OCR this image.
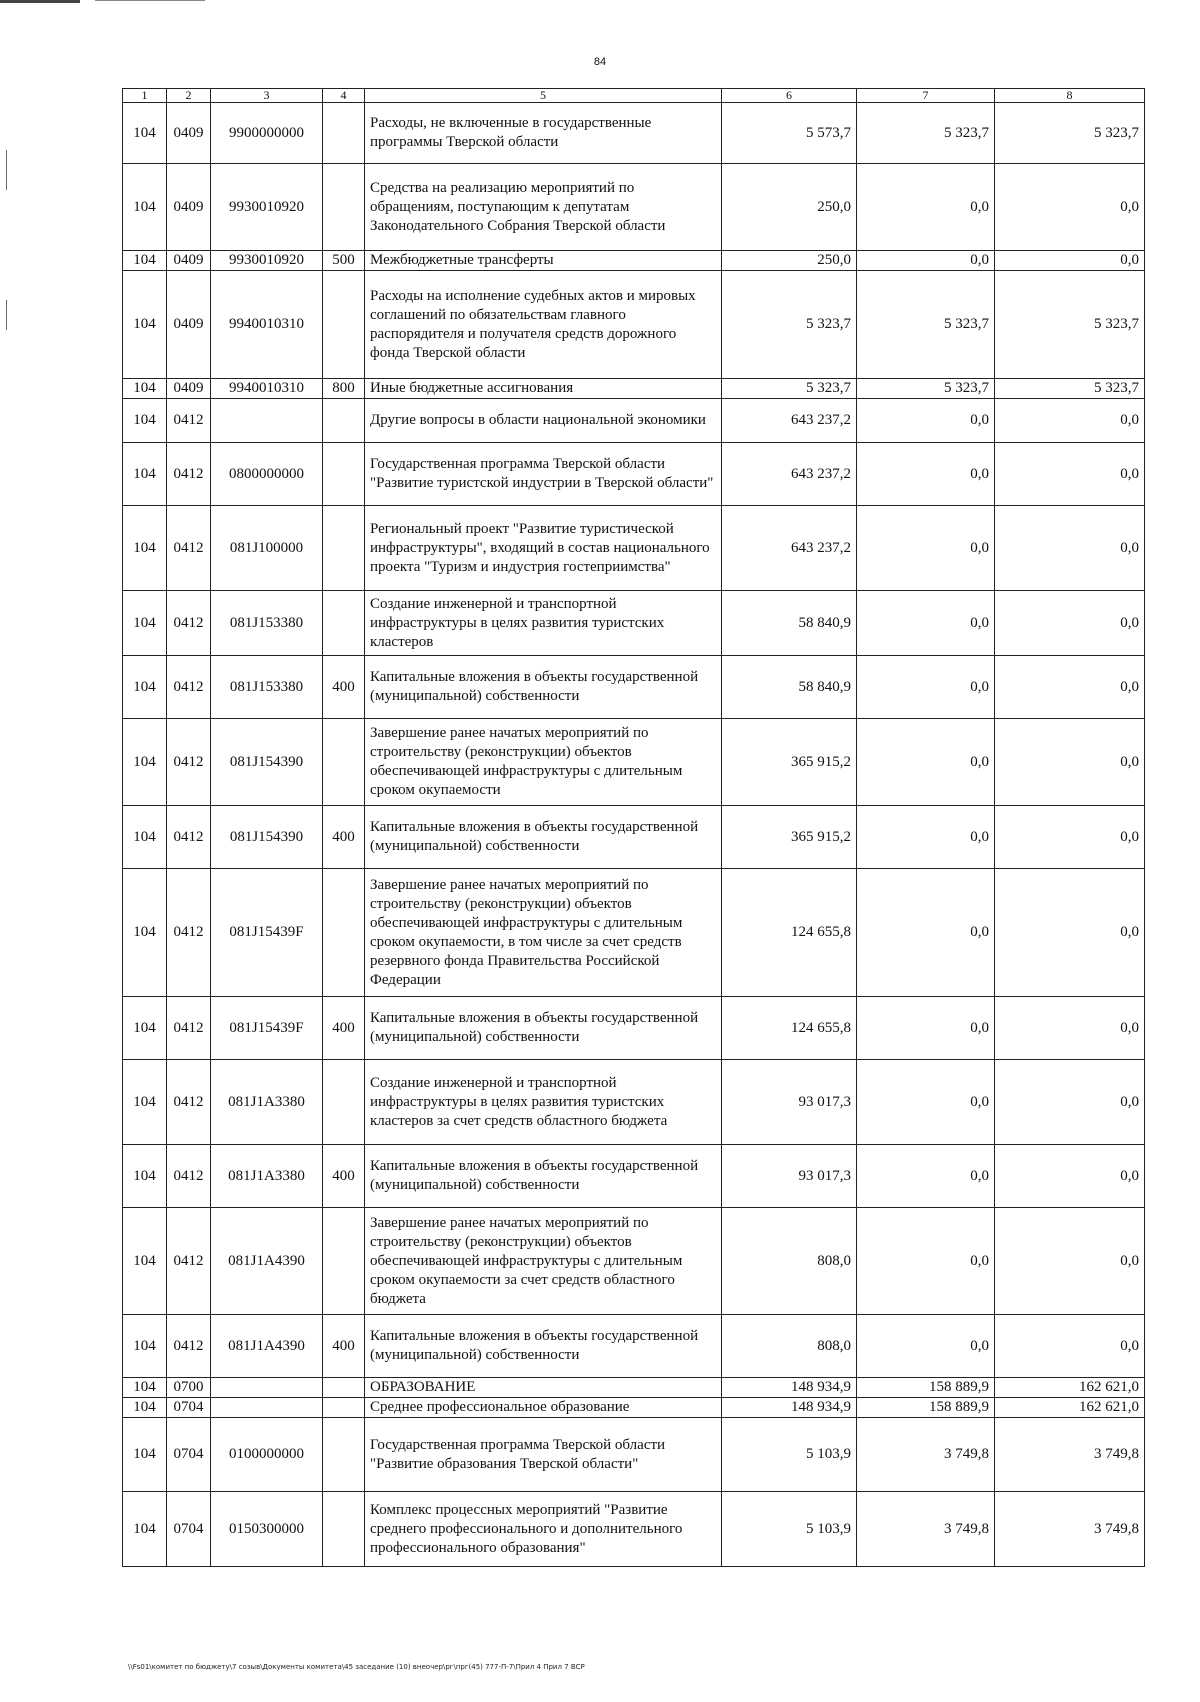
84
1	2	3	4	5	6	7	8
104	0409	9900000000		Расходы, не включенные в государственные программы Тверской области	5 573,7	5 323,7	5 323,7
104	0409	9930010920		Средства на реализацию мероприятий по обращениям, поступающим к депутатам Законодательного Собрания Тверской области	250,0	0,0	0,0
104	0409	9930010920	500	Межбюджетные трансферты	250,0	0,0	0,0
104	0409	9940010310		Расходы на исполнение судебных актов и мировых соглашений по обязательствам главного распорядителя и получателя средств дорожного фонда Тверской области	5 323,7	5 323,7	5 323,7
104	0409	9940010310	800	Иные бюджетные ассигнования	5 323,7	5 323,7	5 323,7
104	0412			Другие вопросы в области национальной экономики	643 237,2	0,0	0,0
104	0412	0800000000		Государственная программа Тверской области "Развитие туристской индустрии в Тверской области"	643 237,2	0,0	0,0
104	0412	081J100000		Региональный проект "Развитие туристической инфраструктуры", входящий в состав национального проекта "Туризм и индустрия гостеприимства"	643 237,2	0,0	0,0
104	0412	081J153380		Создание инженерной и транспортной инфраструктуры в целях развития туристских кластеров	58 840,9	0,0	0,0
104	0412	081J153380	400	Капитальные вложения в объекты государственной (муниципальной) собственности	58 840,9	0,0	0,0
104	0412	081J154390		Завершение ранее начатых мероприятий по строительству (реконструкции) объектов обеспечивающей инфраструктуры с длительным сроком окупаемости	365 915,2	0,0	0,0
104	0412	081J154390	400	Капитальные вложения в объекты государственной (муниципальной) собственности	365 915,2	0,0	0,0
104	0412	081J15439F		Завершение ранее начатых мероприятий по строительству (реконструкции) объектов обеспечивающей инфраструктуры с длительным сроком окупаемости, в том числе за счет средств резервного фонда Правительства Российской Федерации	124 655,8	0,0	0,0
104	0412	081J15439F	400	Капитальные вложения в объекты государственной (муниципальной) собственности	124 655,8	0,0	0,0
104	0412	081J1A3380		Создание инженерной и транспортной инфраструктуры в целях развития туристских кластеров за счет средств областного бюджета	93 017,3	0,0	0,0
104	0412	081J1A3380	400	Капитальные вложения в объекты государственной (муниципальной) собственности	93 017,3	0,0	0,0
104	0412	081J1A4390		Завершение ранее начатых мероприятий по строительству (реконструкции) объектов обеспечивающей инфраструктуры с длительным сроком окупаемости за счет средств областного бюджета	808,0	0,0	0,0
104	0412	081J1A4390	400	Капитальные вложения в объекты государственной (муниципальной) собственности	808,0	0,0	0,0
104	0700			ОБРАЗОВАНИЕ	148 934,9	158 889,9	162 621,0
104	0704			Среднее профессиональное образование	148 934,9	158 889,9	162 621,0
104	0704	0100000000		Государственная программа Тверской области "Развитие образования Тверской области"	5 103,9	3 749,8	3 749,8
104	0704	0150300000		Комплекс процессных мероприятий "Развитие среднего профессионального и дополнительного профессионального образования"	5 103,9	3 749,8	3 749,8
\\Fs01\комитет по бюджету\7 созыв\Документы комитета\45 заседание (10) внеочер\рг\прг(45) 777-П-7\Прил 4 Прил 7 ВСР
